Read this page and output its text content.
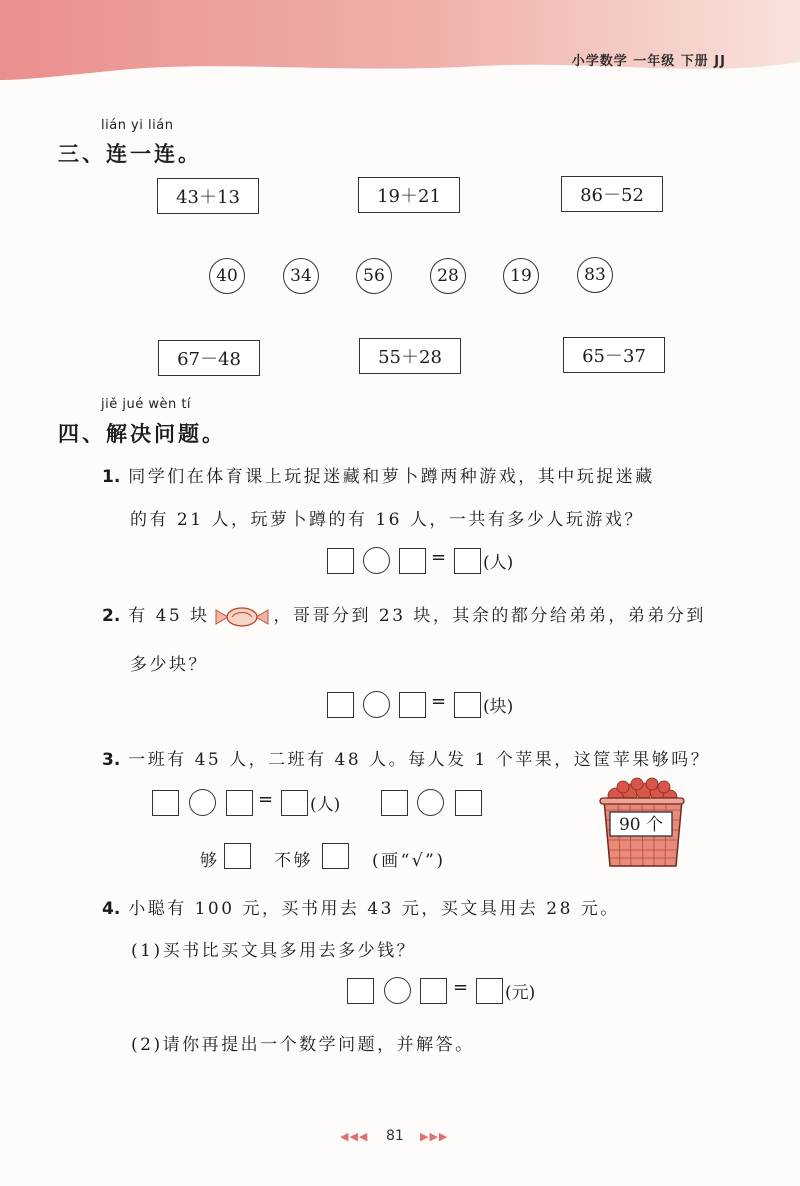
小学数学 一年级 下册 JJ
lián yi lián
三、连一连。
43＋13	19＋21	86－52
40	34	56	28	19	83
67－48	55＋28	65－37
jiě jué wèn tí
四、解决问题。
1. 同学们在体育课上玩捉迷藏和萝卜蹲两种游戏，其中玩捉迷藏
的有 21 人，玩萝卜蹲的有 16 人，一共有多少人玩游戏？
= (人)
2. 有 45 块	，哥哥分到 23 块，其余的都分给弟弟，弟弟分到
多少块？
= (块)
3. 一班有 45 人，二班有 48 人。每人发 1 个苹果，这筐苹果够吗？
= (人)
够	不够	(画“√”)
90 个
4. 小聪有 100 元，买书用去 43 元，买文具用去 28 元。
(1)买书比买文具多用去多少钱？
= (元)
(2)请你再提出一个数学问题，并解答。
◀◀◀ 81 ▶▶▶
